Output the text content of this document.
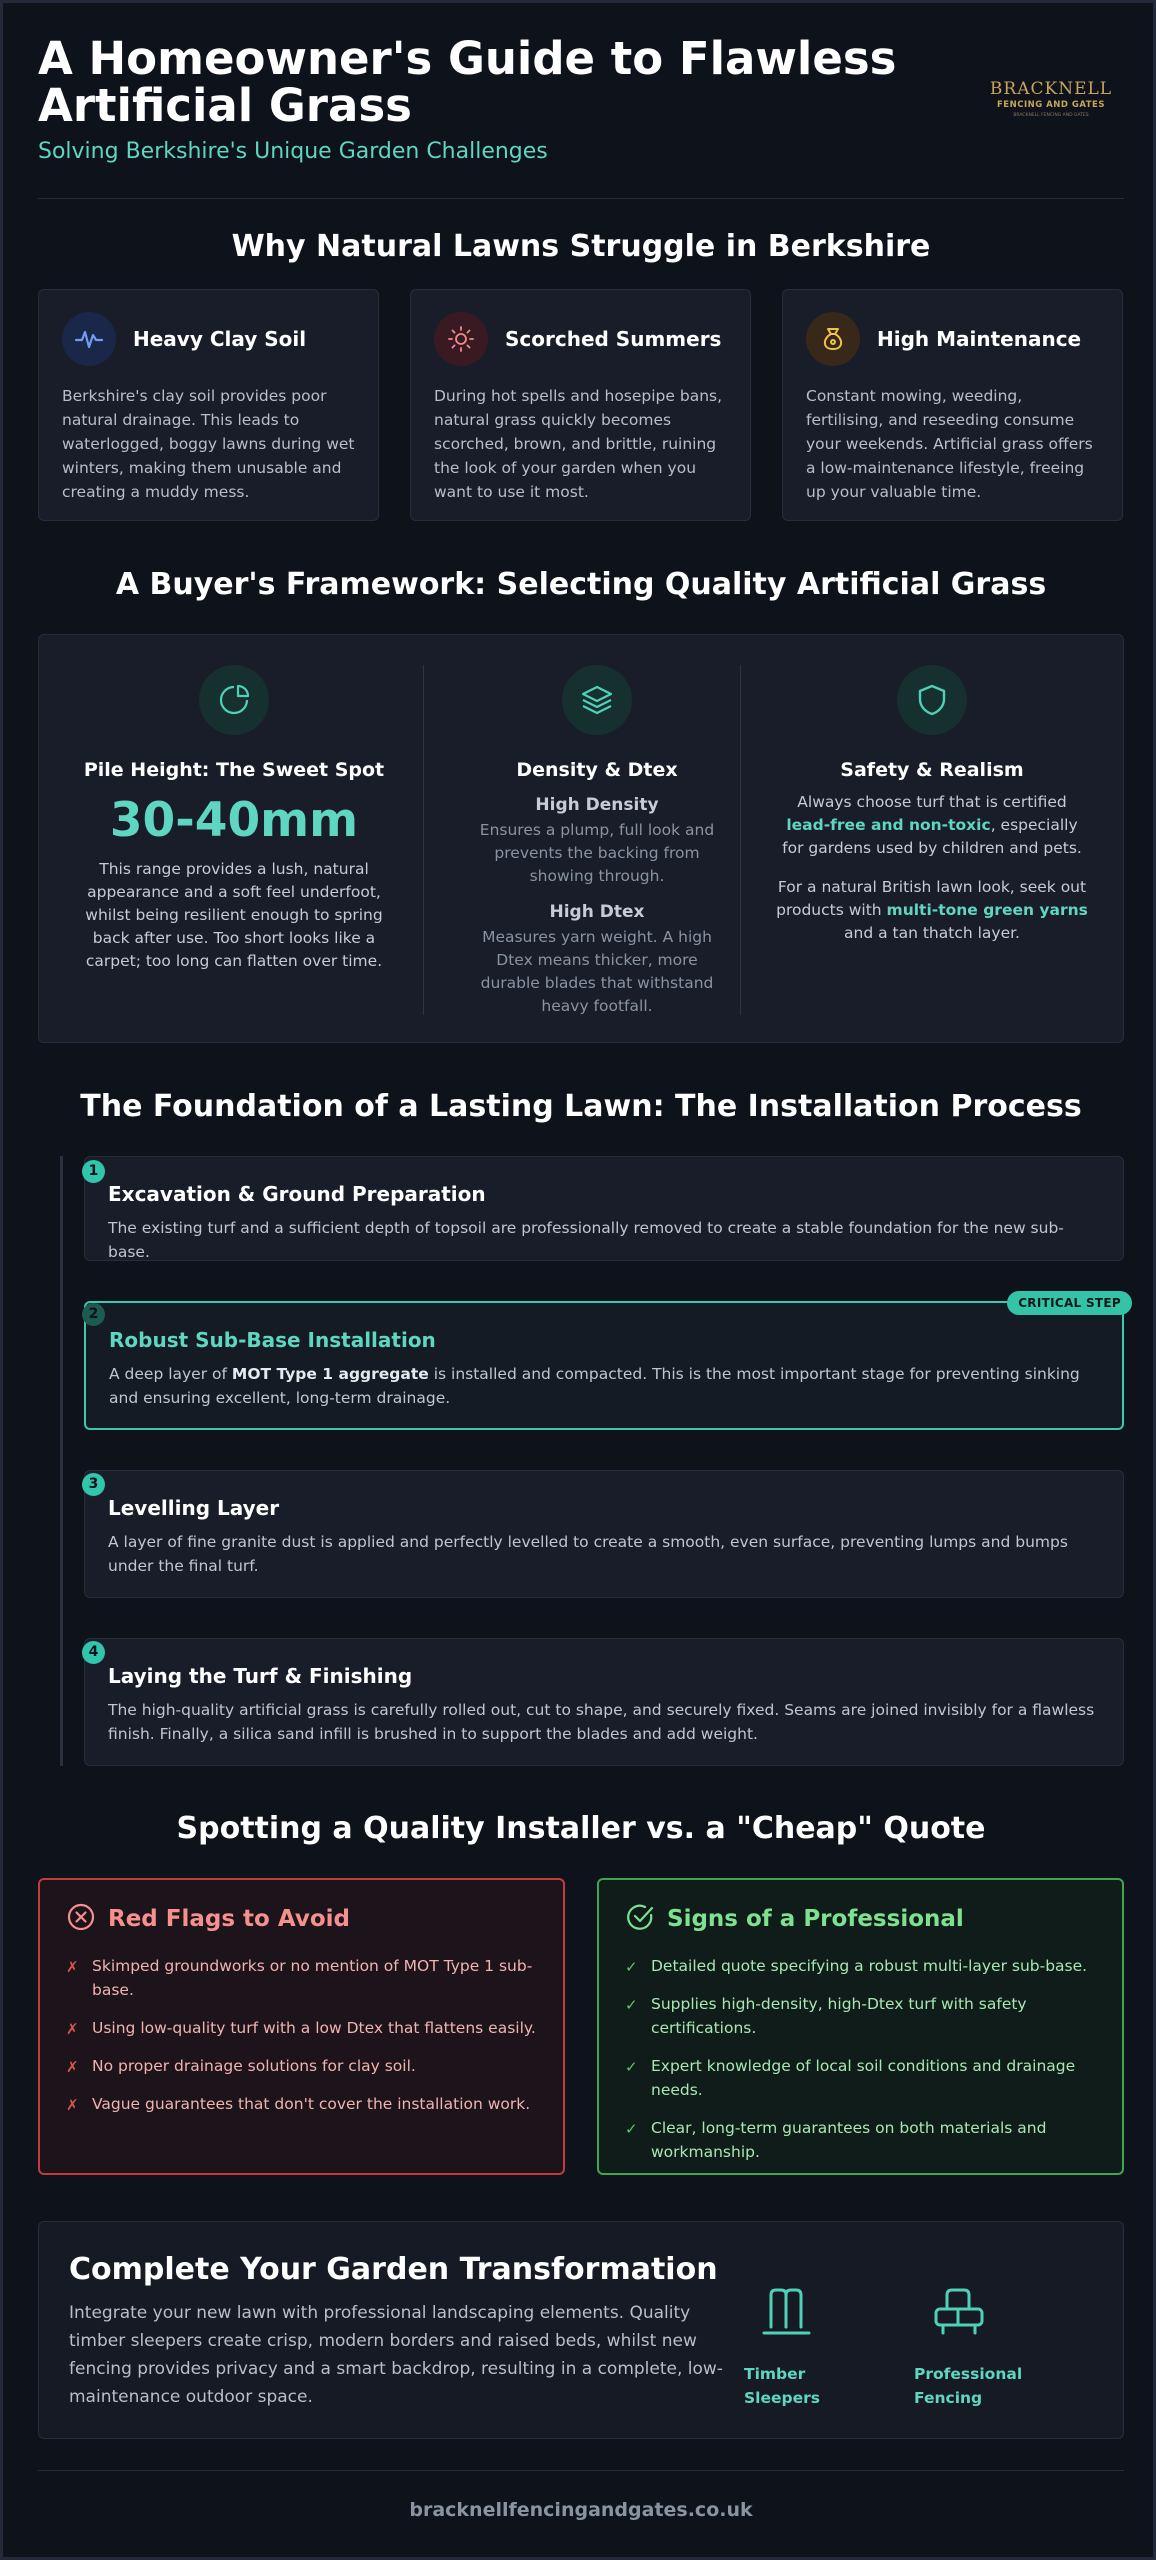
A Homeowner's Guide to Flawless Artificial Grass
Solving Berkshire's Unique Garden Challenges
BRACKNELL
FENCING AND GATES
BRACKNELL FENCING AND GATES
Why Natural Lawns Struggle in Berkshire
Heavy Clay Soil
Berkshire's clay soil provides poor natural drainage. This leads to waterlogged, boggy lawns during wet winters, making them unusable and creating a muddy mess.
Scorched Summers
During hot spells and hosepipe bans, natural grass quickly becomes scorched, brown, and brittle, ruining the look of your garden when you want to use it most.
High Maintenance
Constant mowing, weeding, fertilising, and reseeding consume your weekends. Artificial grass offers a low-maintenance lifestyle, freeing up your valuable time.
A Buyer's Framework: Selecting Quality Artificial Grass
Pile Height: The Sweet Spot
30-40mm
This range provides a lush, natural appearance and a soft feel underfoot, whilst being resilient enough to spring back after use. Too short looks like a carpet; too long can flatten over time.
Density & Dtex
High Density
Ensures a plump, full look and prevents the backing from showing through.
High Dtex
Measures yarn weight. A high Dtex means thicker, more durable blades that withstand heavy footfall.
Safety & Realism
Always choose turf that is certified lead-free and non-toxic, especially for gardens used by children and pets.
For a natural British lawn look, seek out products with multi-tone green yarns and a tan thatch layer.
The Foundation of a Lasting Lawn: The Installation Process
Excavation & Ground Preparation
The existing turf and a sufficient depth of topsoil are professionally removed to create a stable foundation for the new sub-base.
1
CRITICAL STEP
Robust Sub-Base Installation
A deep layer of MOT Type 1 aggregate is installed and compacted. This is the most important stage for preventing sinking and ensuring excellent, long-term drainage.
2
Levelling Layer
A layer of fine granite dust is applied and perfectly levelled to create a smooth, even surface, preventing lumps and bumps under the final turf.
3
Laying the Turf & Finishing
The high-quality artificial grass is carefully rolled out, cut to shape, and securely fixed. Seams are joined invisibly for a flawless finish. Finally, a silica sand infill is brushed in to support the blades and add weight.
4
Spotting a Quality Installer vs. a "Cheap" Quote
Red Flags to Avoid
✗ Skimped groundworks or no mention of MOT Type 1 sub-base.
✗ Using low-quality turf with a low Dtex that flattens easily.
✗ No proper drainage solutions for clay soil.
✗ Vague guarantees that don't cover the installation work.
Signs of a Professional
✓ Detailed quote specifying a robust multi-layer sub-base.
✓ Supplies high-density, high-Dtex turf with safety certifications.
✓ Expert knowledge of local soil conditions and drainage needs.
✓ Clear, long-term guarantees on both materials and workmanship.
Complete Your Garden Transformation
Integrate your new lawn with professional landscaping elements. Quality timber sleepers create crisp, modern borders and raised beds, whilst new fencing provides privacy and a smart backdrop, resulting in a complete, low-maintenance outdoor space.
Timber Sleepers
Professional Fencing
bracknellfencingandgates.co.uk
